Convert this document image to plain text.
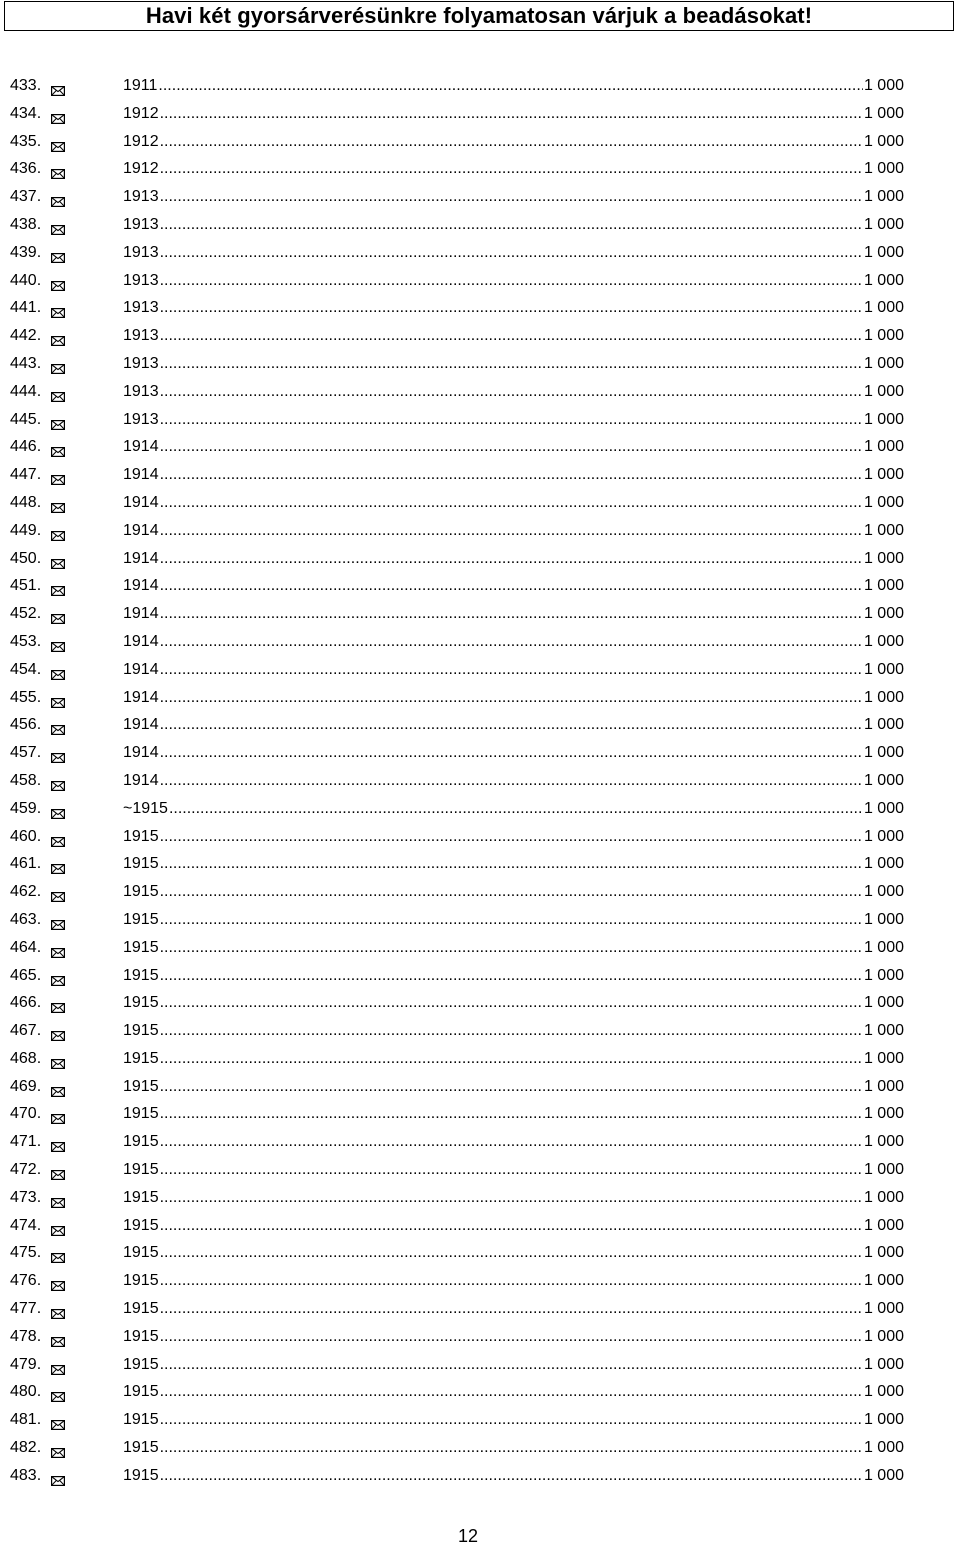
Havi két gyorsárverésünkre folyamatosan várjuk a beadásokat!
433.	1911 .....	1 000
434.	1912 .....	1 000
435.	1912 .....	1 000
436.	1912 .....	1 000
437.	1913 .....	1 000
438.	1913 .....	1 000
439.	1913 .....	1 000
440.	1913 .....	1 000
441.	1913 .....	1 000
442.	1913 .....	1 000
443.	1913 .....	1 000
444.	1913 .....	1 000
445.	1913 .....	1 000
446.	1914 .....	1 000
447.	1914 .....	1 000
448.	1914 .....	1 000
449.	1914 .....	1 000
450.	1914 .....	1 000
451.	1914 .....	1 000
452.	1914 .....	1 000
453.	1914 .....	1 000
454.	1914 .....	1 000
455.	1914 .....	1 000
456.	1914 .....	1 000
457.	1914 .....	1 000
458.	1914 .....	1 000
459.	~1915 .....	1 000
460.	1915 .....	1 000
461.	1915 .....	1 000
462.	1915 .....	1 000
463.	1915 .....	1 000
464.	1915 .....	1 000
465.	1915 .....	1 000
466.	1915 .....	1 000
467.	1915 .....	1 000
468.	1915 .....	1 000
469.	1915 .....	1 000
470.	1915 .....	1 000
471.	1915 .....	1 000
472.	1915 .....	1 000
473.	1915 .....	1 000
474.	1915 .....	1 000
475.	1915 .....	1 000
476.	1915 .....	1 000
477.	1915 .....	1 000
478.	1915 .....	1 000
479.	1915 .....	1 000
480.	1915 .....	1 000
481.	1915 .....	1 000
482.	1915 .....	1 000
483.	1915 .....	1 000
12
